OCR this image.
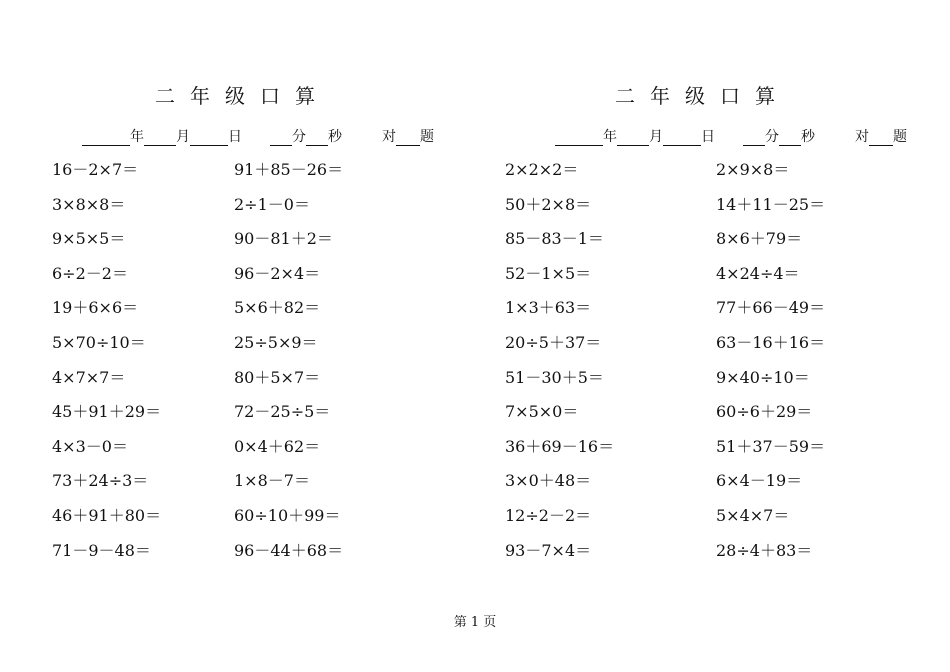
二 年 级 口 算
年 月	日	分 秒	对 题
16－2×7＝	91＋85－26＝
3×8×8＝	2÷1－0＝
9×5×5＝	90－81＋2＝
6÷2－2＝	96－2×4＝
19＋6×6＝	5×6＋82＝
5×70÷10＝	25÷5×9＝
4×7×7＝	80＋5×7＝
45＋91＋29＝	72－25÷5＝
4×3－0＝	0×4＋62＝
73＋24÷3＝	1×8－7＝
46＋91＋80＝	60÷10＋99＝
71－9－48＝	96－44＋68＝
二 年 级 口 算
年 月	日	分 秒	对 题
2×2×2＝	2×9×8＝
50＋2×8＝	14＋11－25＝
85－83－1＝	8×6＋79＝
52－1×5＝	4×24÷4＝
1×3＋63＝	77＋66－49＝
20÷5＋37＝	63－16＋16＝
51－30＋5＝	9×40÷10＝
7×5×0＝	60÷6＋29＝
36＋69－16＝	51＋37－59＝
3×0＋48＝	6×4－19＝
12÷2－2＝	5×4×7＝
93－7×4＝	28÷4＋83＝
第 1 页
